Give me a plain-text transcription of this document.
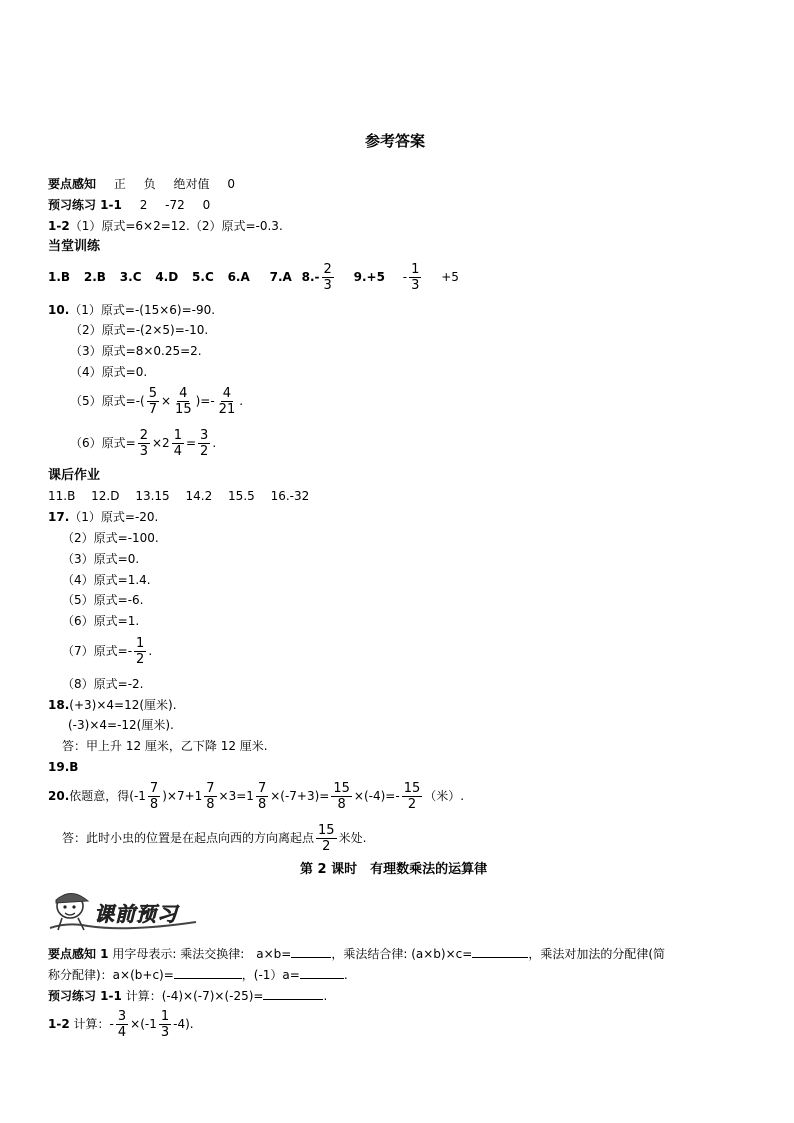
参考答案
要点感知 正 负 绝对值 0
预习练习 1-1 2 -72 0
1-2（1）原式=6×2=12.（2）原式=-0.3.
当堂训练
1.B 2.B 3.C 4.D 5.C 6.A 7.A $8.- \frac{2}{3} 9.+5 - \frac{1}{3} +5$
10.（1）原式=-(15×6)=-90.
（2）原式=-(2×5)=-10.
（3）原式=8×0.25=2.
（4）原式=0.
（5）原式=-( $\frac{5}{7} \times \frac{4}{15}$ )=- $\frac{4}{21}$ .
（6）原式= $\frac{2}{3} \times 2 \frac{1}{4} = \frac{3}{2}$ .
课后作业
11.B 12.D 13.15 14.2 15.5 16.-32
17.（1）原式=-20.
（2）原式=-100.
（3）原式=0.
（4）原式=1.4.
（5）原式=-6.
（6）原式=1.
（7）原式=- $\frac{1}{2}$ .
（8）原式=-2.
18.(+3)×4=12(厘米).
(-3)×4=-12(厘米).
答：甲上升 12 厘米，乙下降 12 厘米.
19.B
20.依题意，得$(-1 \frac{7}{8} )\times 7+1 \frac{7}{8} \times 3=1 \frac{7}{8} \times(-7+3)= \frac{15}{8} \times(-4)=- \frac{15}{2}$ （米）.
答：此时小虫的位置是在起点向西的方向离起点 $\frac{15}{2}$ 米处.
第 2 课时　有理数乘法的运算律
课前预习
要点感知 1 用字母表示: 乘法交换律:　a×b=	，乘法结合律: (a×b)×c=	，乘法对加法的分配律(简
称分配律)：a×(b+c)=	，(-1）a=	.
预习练习 1-1 计算：(-4)×(-7)×(-25)=	.
1-2 计算：- $\frac{3}{4} \times(-1 \frac{1}{3} -4)$.
